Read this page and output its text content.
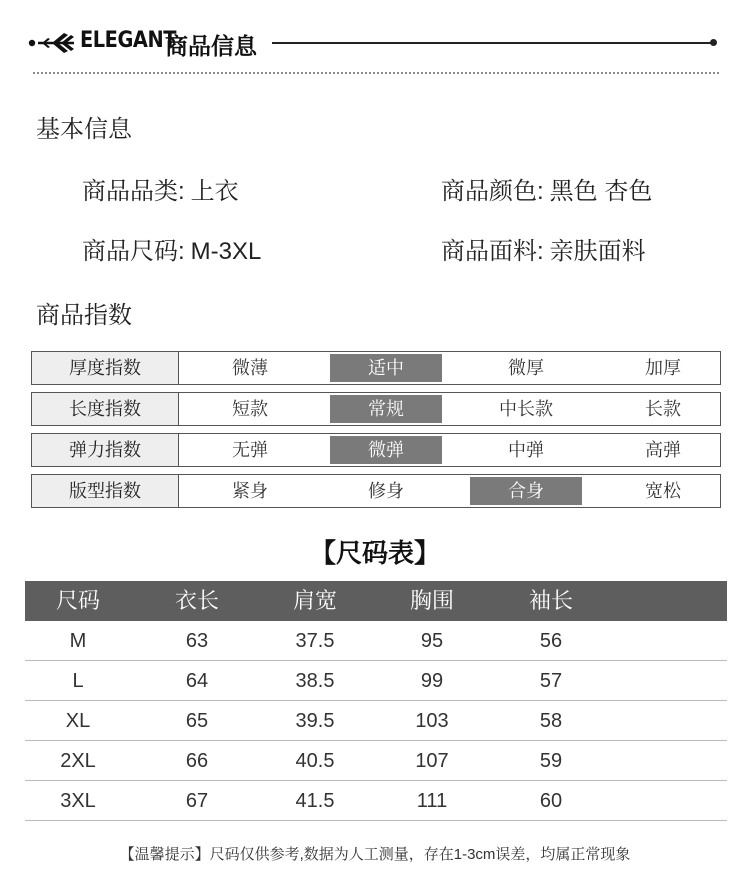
ELEGANT
商品信息
基本信息
商品品类: 上衣	商品颜色: 黑色 杏色
商品尺码: M-3XL	商品面料: 亲肤面料
商品指数
厚度指数	微薄	适中	微厚	加厚
长度指数	短款	常规	中长款	长款
弹力指数	无弹	微弹	中弹	高弹
版型指数	紧身	修身	合身	宽松
【尺码表】
尺码	衣长	肩宽	胸围	袖长
M	63	37.5	95	56
L	64	38.5	99	57
XL	65	39.5	103	58
2XL	66	40.5	107	59
3XL	67	41.5	111	60
【温馨提示】尺码仅供参考,数据为人工测量，存在1-3cm误差，均属正常现象
